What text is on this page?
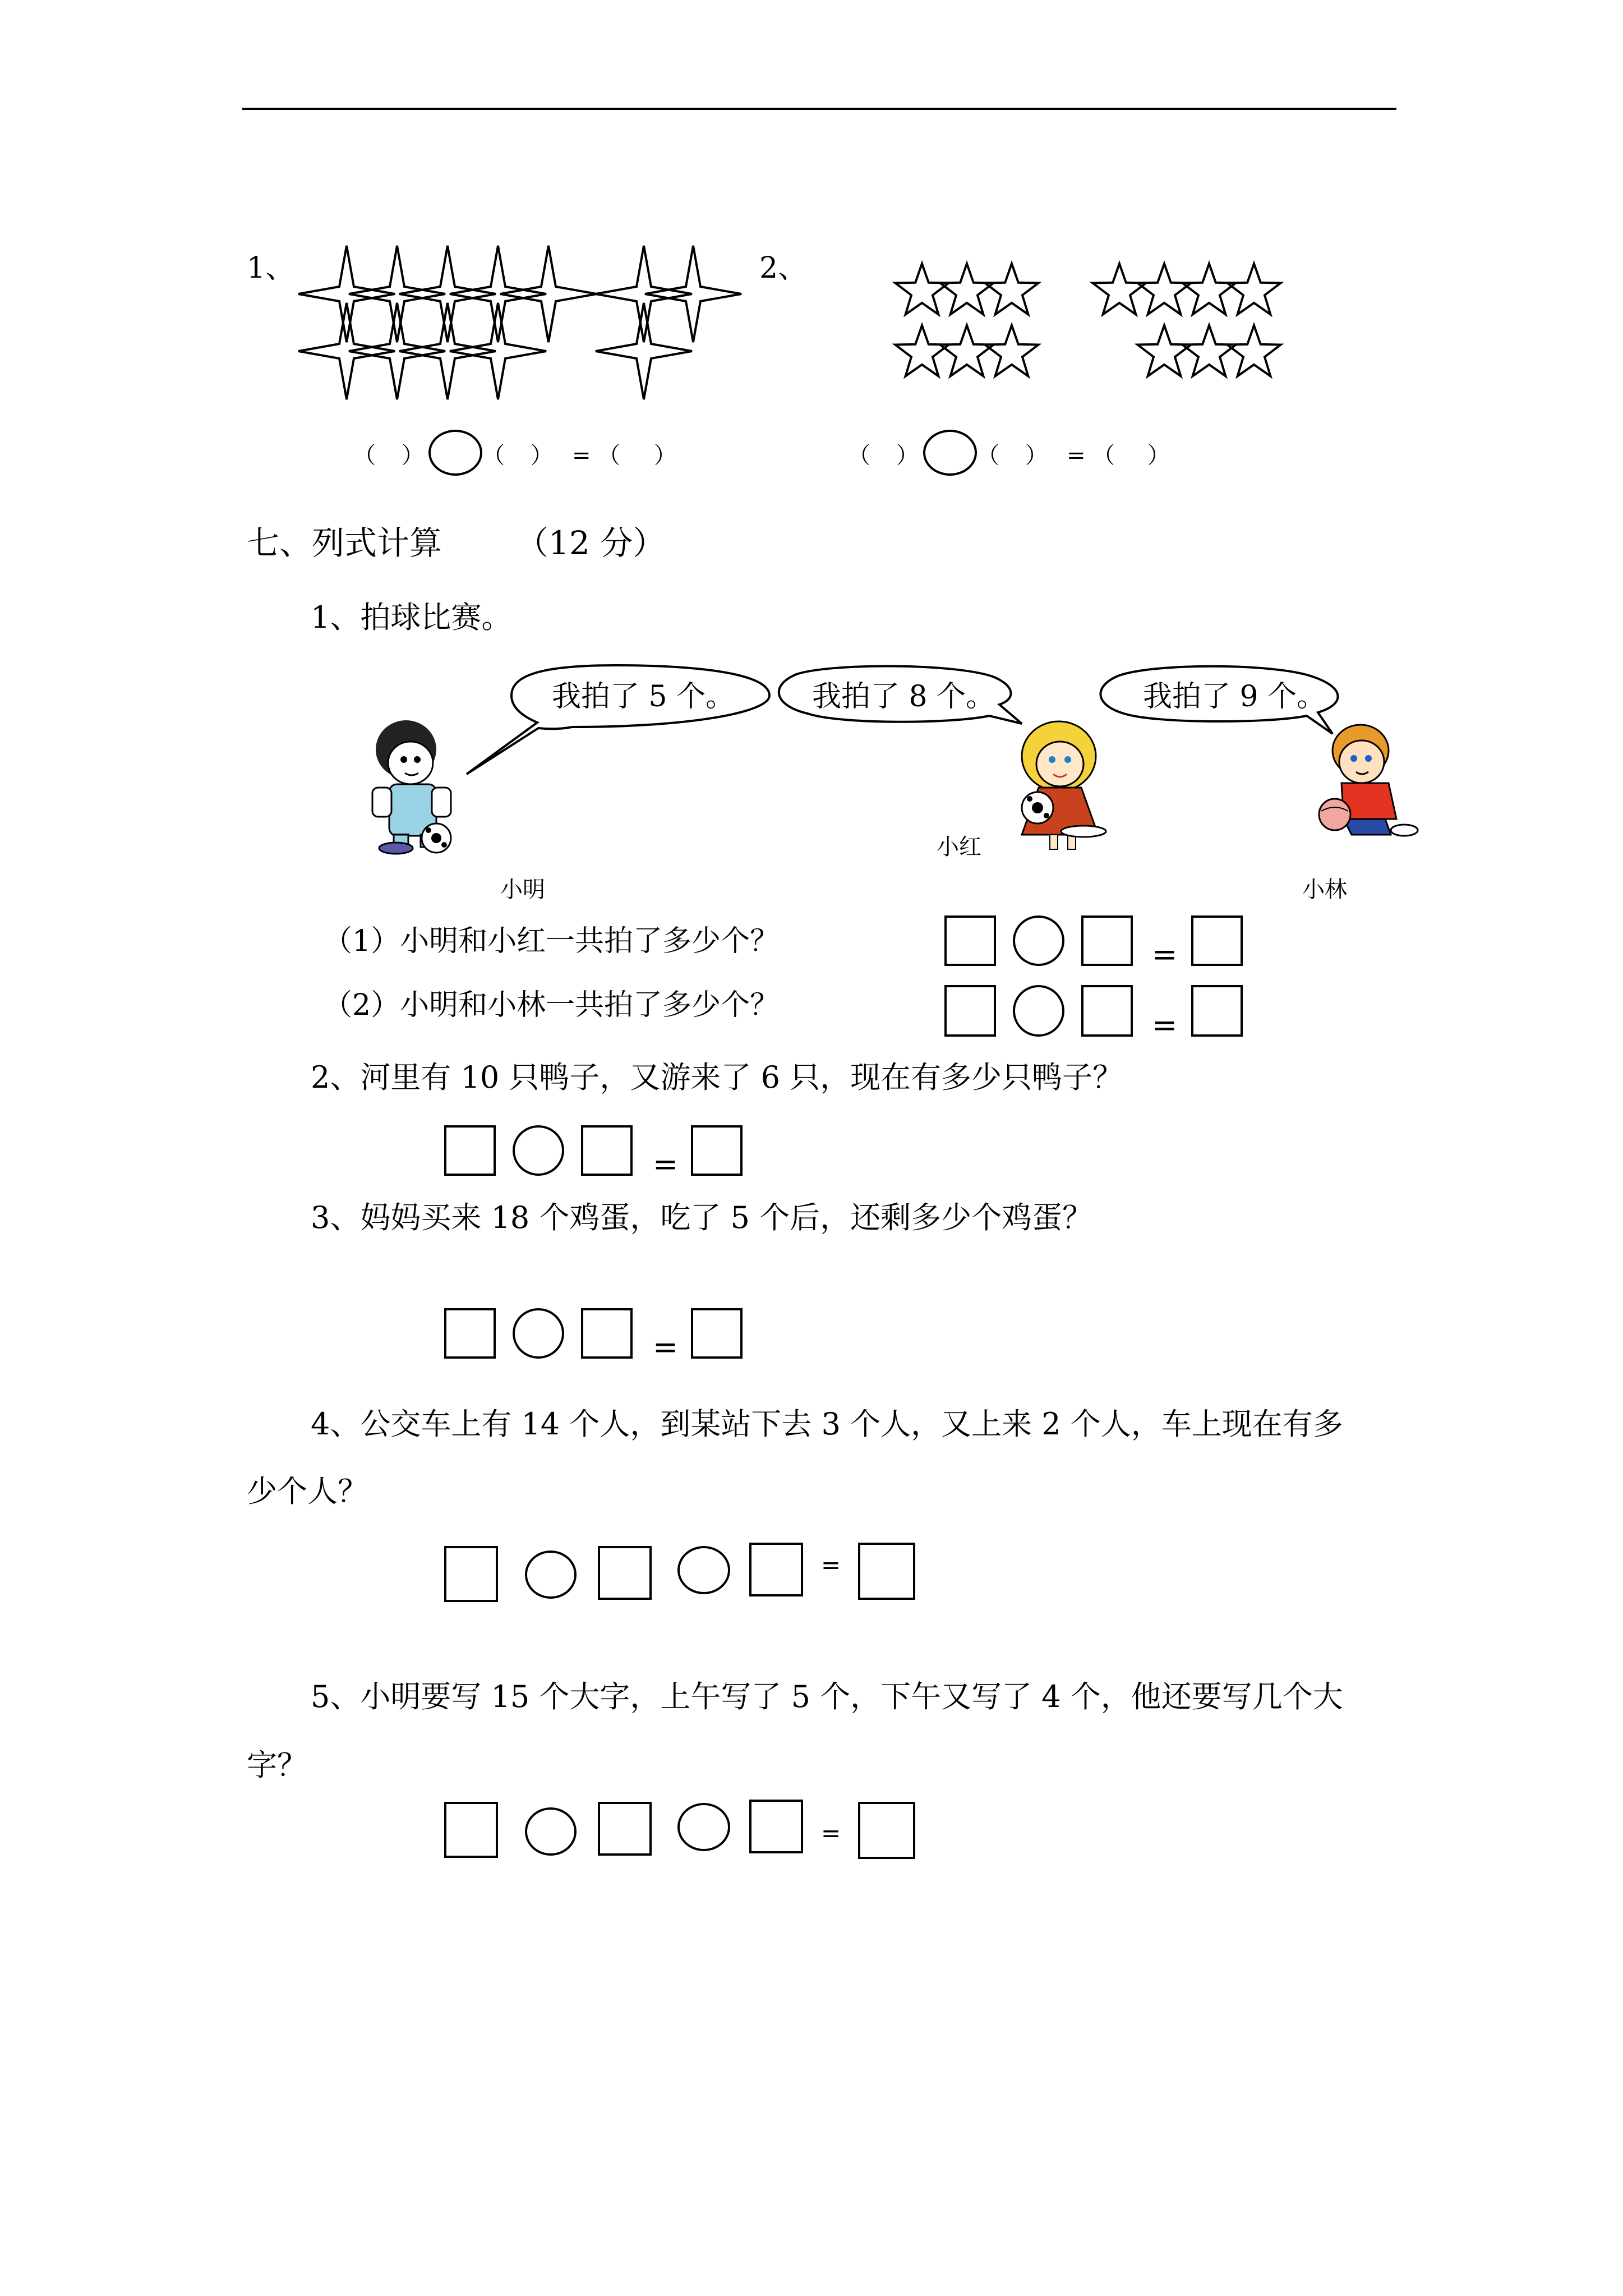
1、	2、
（ ）	（ ） = （ ）	（ ）	（ ） = （ ）
七、列式计算 （12 分）
1、拍球比赛。
我拍了 5 个。	我拍了 8 个。	我拍了 9 个。
小明
小红
小林
（1）小明和小红一共拍了多少个？
（2）小明和小林一共拍了多少个？
=
=
2、河里有 10 只鸭子，又游来了 6 只，现在有多少只鸭子？
=
3、妈妈买来 18 个鸡蛋，吃了 5 个后，还剩多少个鸡蛋？
=
4、公交车上有 14 个人，到某站下去 3 个人，又上来 2 个人，车上现在有多
少个人？
=
5、小明要写 15 个大字，上午写了 5 个，下午又写了 4 个，他还要写几个大
字？
=
